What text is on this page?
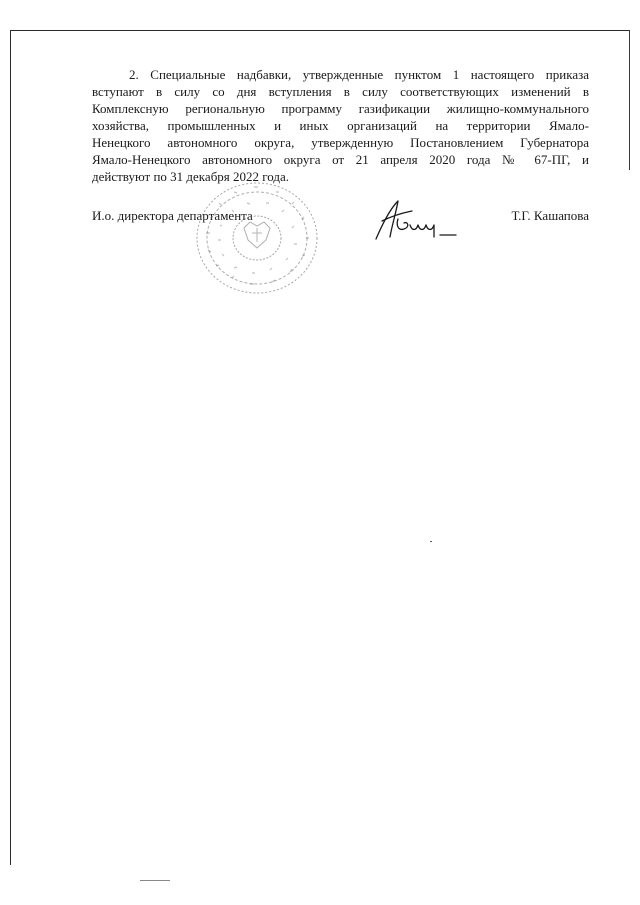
2. Специальные надбавки, утвержденные пунктом 1 настоящего приказа
вступают в силу со дня вступления в силу соответствующих изменений в
Комплексную региональную программу газификации жилищно-коммунального
хозяйства, промышленных и иных организаций на территории Ямало-
Ненецкого автономного округа, утвержденную Постановлением Губернатора
Ямало-Ненецкого автономного округа от 21 апреля 2020 года № 67-ПГ, и
действуют по 31 декабря 2022 года.
И.о. директора департамента	Т.Г. Кашапова
